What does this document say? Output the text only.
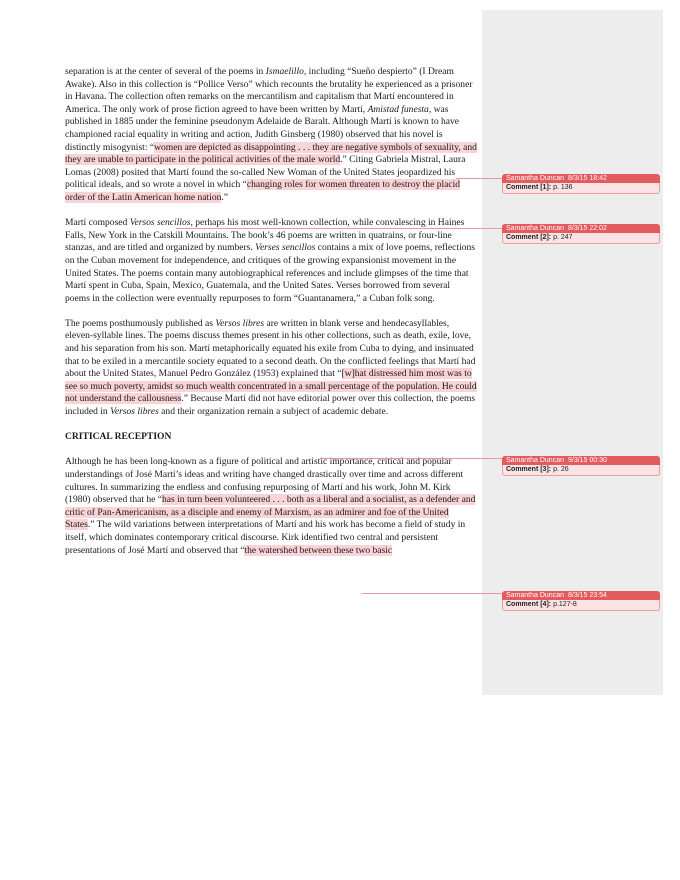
separation is at the center of several of the poems in Ismaelillo, including “Sueño despierto” (I Dream Awake). Also in this collection is “Pollice Verso” which recounts the brutality he experienced as a prisoner in Havana. The collection often remarks on the mercantilism and capitalism that Martí encountered in America. The only work of prose fiction agreed to have been written by Martí, Amistad funesta, was published in 1885 under the feminine pseudonym Adelaide de Baralt. Although Martí is known to have championed racial equality in writing and action, Judith Ginsberg (1980) observed that his novel is distinctly misogynist: “women are depicted as disappointing . . . they are negative symbols of sexuality, and they are unable to participate in the political activities of the male world.” Citing Gabriela Mistral, Laura Lomas (2008) posited that Martí found the so-called New Woman of the United States jeopardized his political ideals, and so wrote a novel in which “changing roles for women threaten to destroy the placid order of the Latin American home nation.”

Martí composed Versos sencillos, perhaps his most well-known collection, while convalescing in Haines Falls, New York in the Catskill Mountains. The book’s 46 poems are written in quatrains, or four-line stanzas, and are titled and organized by numbers. Verses sencillos contains a mix of love poems, reflections on the Cuban movement for independence, and critiques of the growing expansionist movement in the United States. The poems contain many autobiographical references and include glimpses of the time that Martí spent in Cuba, Spain, Mexico, Guatemala, and the United Sates. Verses borrowed from several poems in the collection were eventually repurposes to form “Guantanamera,” a Cuban folk song.

The poems posthumously published as Versos libres are written in blank verse and hendecasyllables, eleven-syllable lines. The poems discuss themes present in his other collections, such as death, exile, love, and his separation from his son. Martí metaphorically equated his exile from Cuba to dying, and insinuated that to be exiled in a mercantile society equated to a second death. On the conflicted feelings that Martí had about the United States, Manuel Pedro González (1953) explained that “[w]hat distressed him most was to see so much poverty, amidst so much wealth concentrated in a small percentage of the population. He could not understand the callousness.” Because Martí did not have editorial power over this collection, the poems included in Versos libres and their organization remain a subject of academic debate.

CRITICAL RECEPTION

Although he has been long-known as a figure of political and artistic importance, critical and popular understandings of José Martí’s ideas and writing have changed drastically over time and across different cultures. In summarizing the endless and confusing repurposing of Martí and his work, John M. Kirk (1980) observed that he “has in turn been volunteered . . . both as a liberal and a socialist, as a defender and critic of Pan-Americanism, as a disciple and enemy of Marxism, as an admirer and foe of the United States.” The wild variations between interpretations of Martí and his work has become a field of study in itself, which dominates contemporary critical discourse. Kirk identified two central and persistent presentations of José Martí and observed that “the watershed between these two basic

Samantha Duncan 8/3/15 18:42
Comment [1]: p. 136
Samantha Duncan 8/3/15 22:02
Comment [2]: p. 247
Samantha Duncan 9/3/15 00:30
Comment [3]: p. 26
Samantha Duncan 8/3/15 23:54
Comment [4]: p.127-8
